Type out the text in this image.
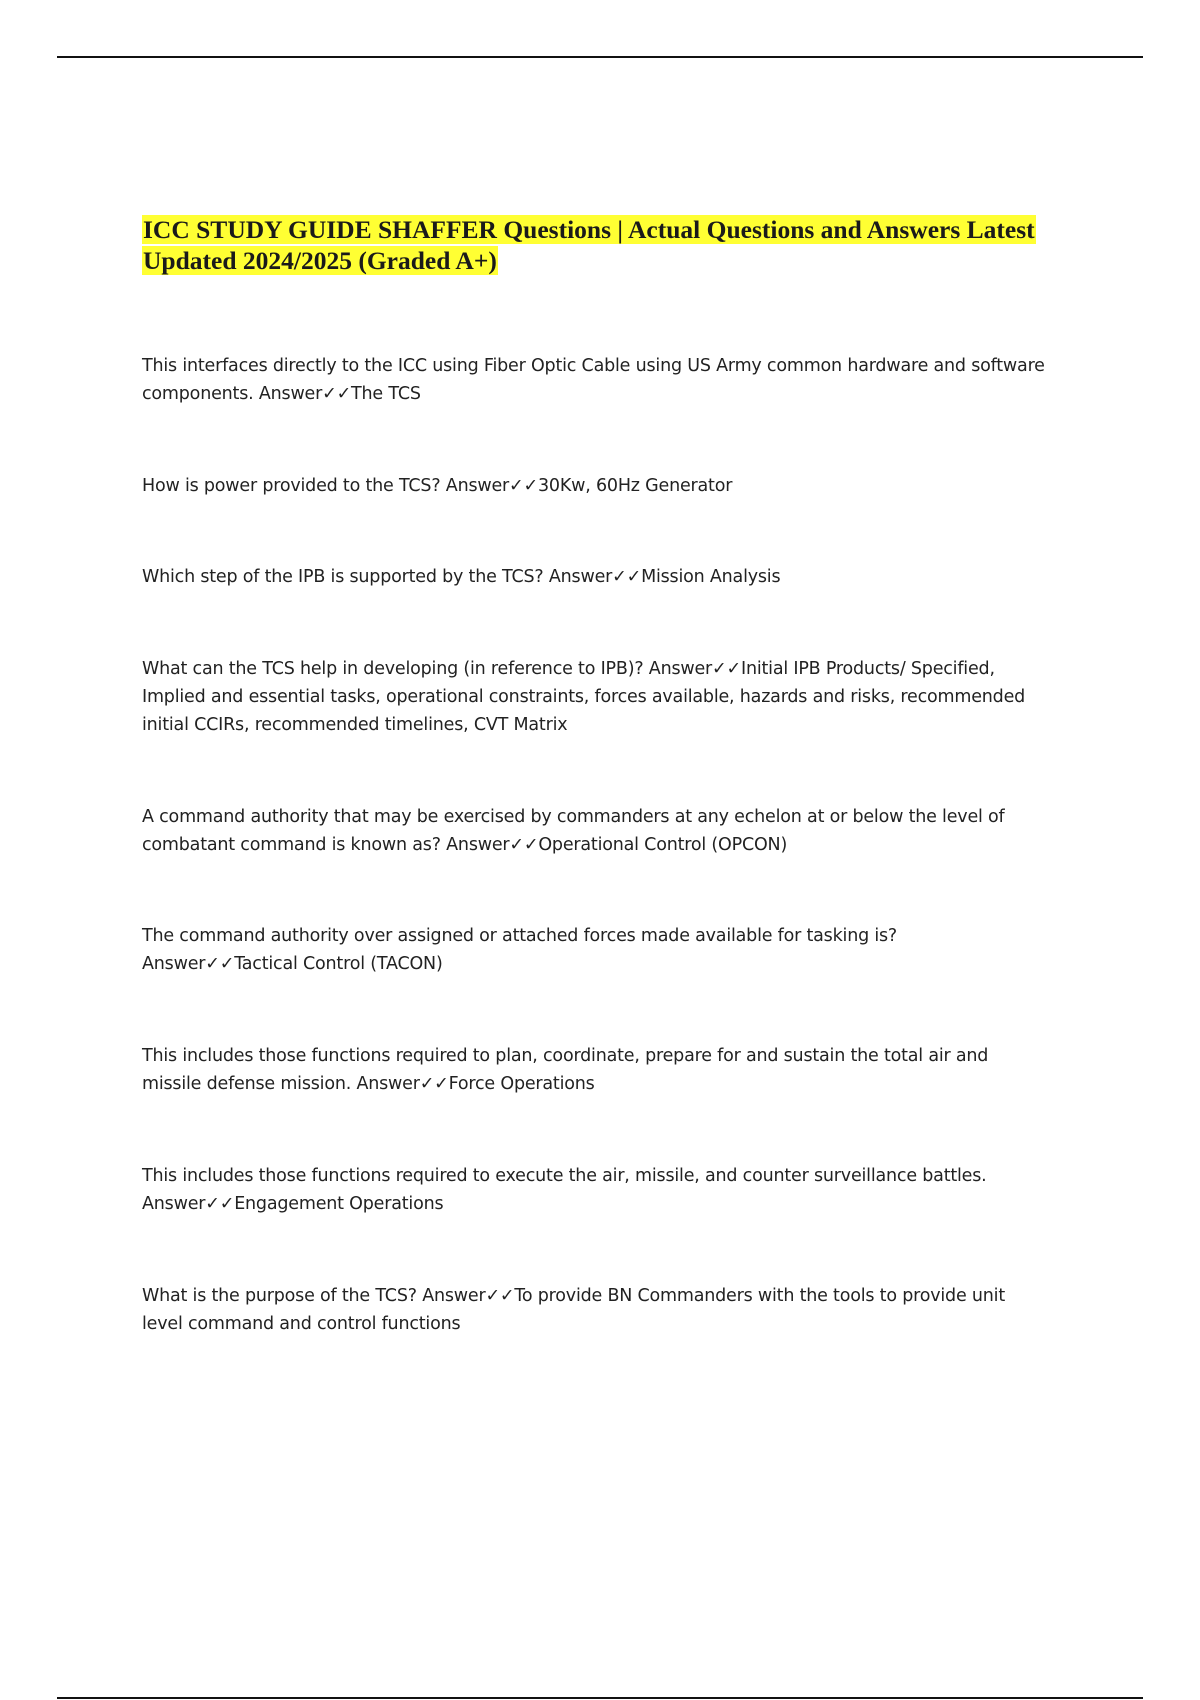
ICC STUDY GUIDE SHAFFER Questions | Actual Questions and Answers Latest Updated 2024/2025 (Graded A+)
This interfaces directly to the ICC using Fiber Optic Cable using US Army common hardware and software components. Answer✓✓The TCS
How is power provided to the TCS? Answer✓✓30Kw, 60Hz Generator
Which step of the IPB is supported by the TCS? Answer✓✓Mission Analysis
What can the TCS help in developing (in reference to IPB)? Answer✓✓Initial IPB Products/ Specified, Implied and essential tasks, operational constraints, forces available, hazards and risks, recommended initial CCIRs, recommended timelines, CVT Matrix
A command authority that may be exercised by commanders at any echelon at or below the level of combatant command is known as? Answer✓✓Operational Control (OPCON)
The command authority over assigned or attached forces made available for tasking is? Answer✓✓Tactical Control (TACON)
This includes those functions required to plan, coordinate, prepare for and sustain the total air and missile defense mission. Answer✓✓Force Operations
This includes those functions required to execute the air, missile, and counter surveillance battles. Answer✓✓Engagement Operations
What is the purpose of the TCS? Answer✓✓To provide BN Commanders with the tools to provide unit level command and control functions
